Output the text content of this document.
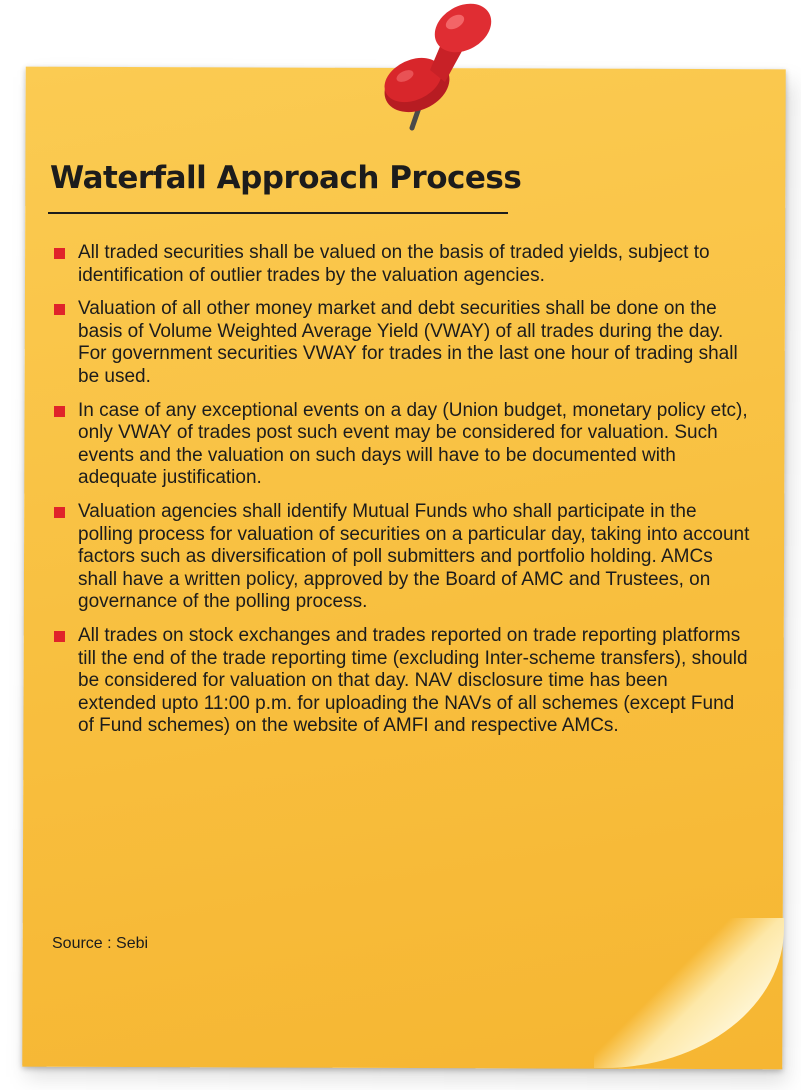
Waterfall Approach Process
All traded securities shall be valued on the basis of traded yields, subject to identification of outlier trades by the valuation agencies.
Valuation of all other money market and debt securities shall be done on the basis of Volume Weighted Average Yield (VWAY) of all trades during the day. For government securities VWAY for trades in the last one hour of trading shall be used.
In case of any exceptional events on a day (Union budget, monetary policy etc), only VWAY of trades post such event may be considered for valuation. Such events and the valuation on such days will have to be documented with adequate justification.
Valuation agencies shall identify Mutual Funds who shall participate in the polling process for valuation of securities on a particular day, taking into account factors such as diversification of poll submitters and portfolio holding. AMCs shall have a written policy, approved by the Board of AMC and Trustees, on governance of the polling process.
All trades on stock exchanges and trades reported on trade reporting platforms till the end of the trade reporting time (excluding Inter-scheme transfers), should be considered for valuation on that day. NAV disclosure time has been extended upto 11:00 p.m. for uploading the NAVs of all schemes (except Fund of Fund schemes) on the website of AMFI and respective AMCs.

Source : Sebi
